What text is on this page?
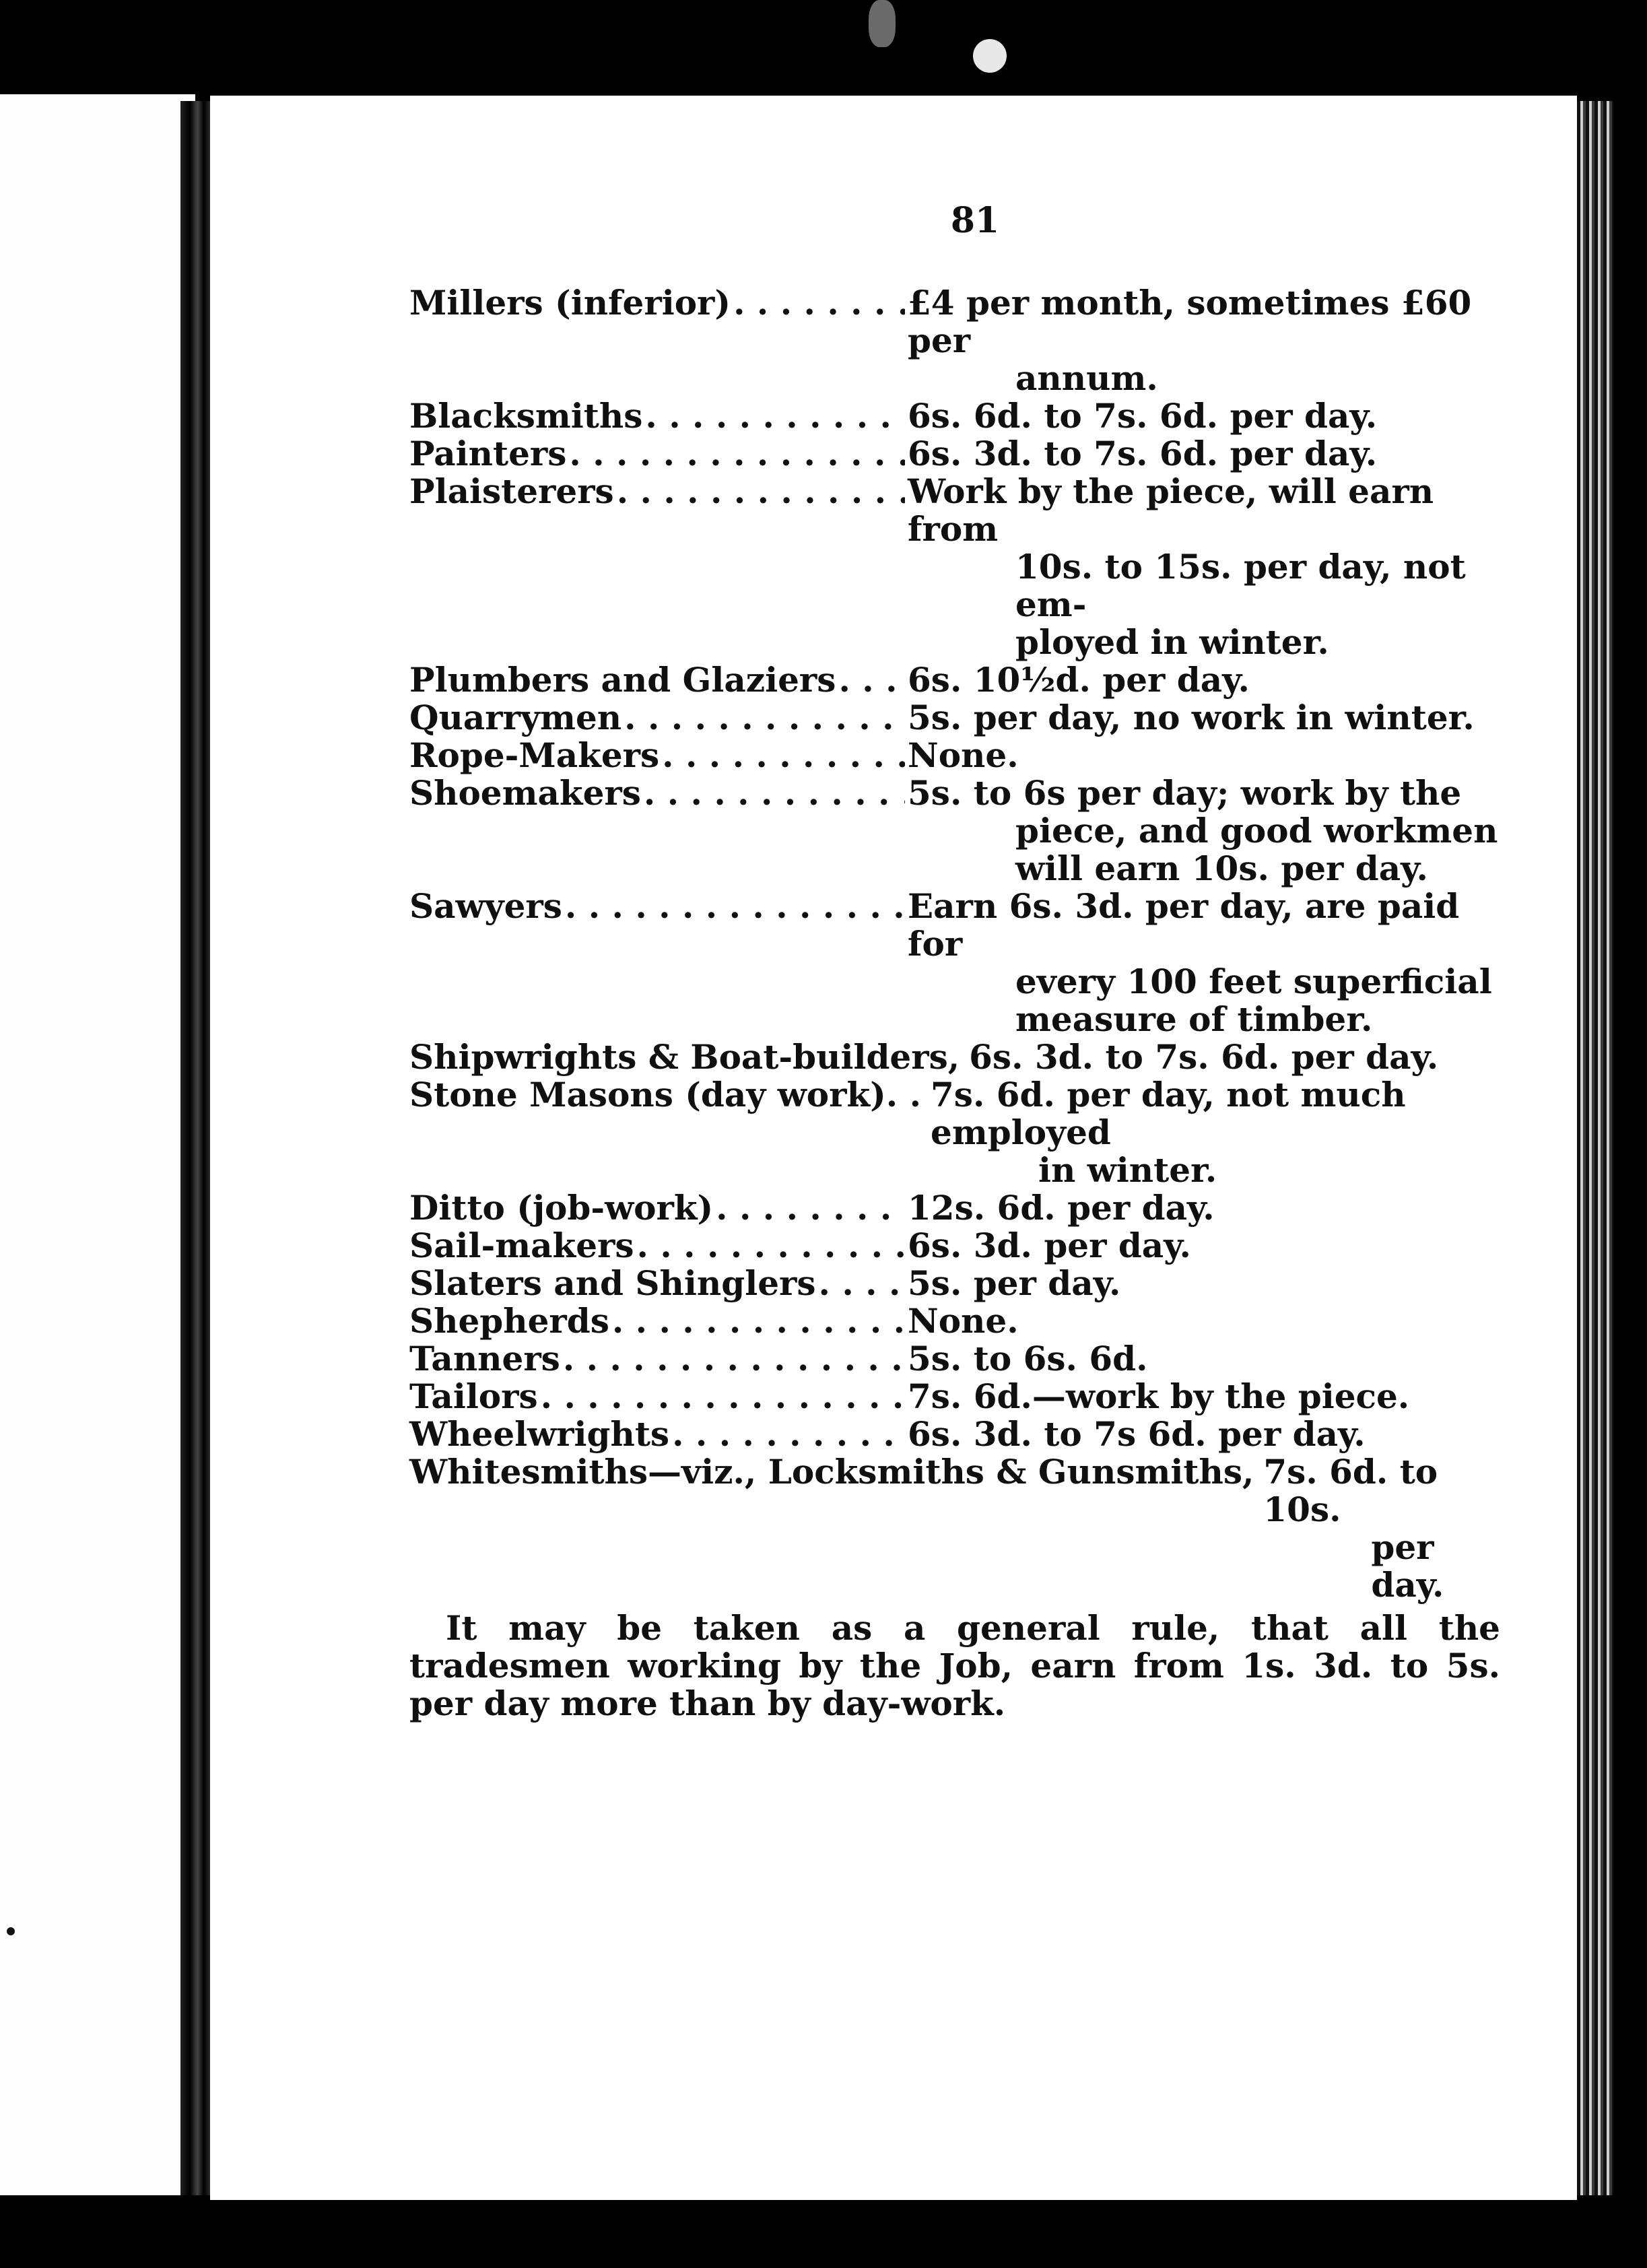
81
Millers (inferior) . . .	£4 per month, sometimes £60 per
annum.
Blacksmiths . . .	6s. 6d. to 7s. 6d. per day.
Painters . . .	6s. 3d. to 7s. 6d. per day.
Plaisterers . . .	Work by the piece, will earn from
10s. to 15s. per day, not em-
ployed in winter.
Plumbers and Glaziers . . . 6s. 10½d. per day.
Quarrymen . . .	5s. per day, no work in winter.
Rope-Makers . . .	None.
Shoemakers . . .	5s. to 6s per day; work by the
piece, and good workmen
will earn 10s. per day.
Sawyers . . .	Earn 6s. 3d. per day, are paid for
every 100 feet superficial
measure of timber.
Shipwrights & Boat-builders, 6s. 3d. to 7s. 6d. per day.
Stone Masons (day work). . 7s. 6d. per day, not much employed
in winter.
Ditto (job-work) . . .	12s. 6d. per day.
Sail-makers . . .	6s. 3d. per day.
Slaters and Shinglers . . .	5s. per day.
Shepherds . . .	None.
Tanners . . .	5s. to 6s. 6d.
Tailors . . .	7s. 6d.—work by the piece.
Wheelwrights . . .	6s. 3d. to 7s 6d. per day.
Whitesmiths—viz., Locksmiths & Gunsmiths, 7s. 6d. to 10s.
per day.
It may be taken as a general rule, that all the tradesmen working by the Job, earn from 1s. 3d. to 5s. per day more than by day-work.
